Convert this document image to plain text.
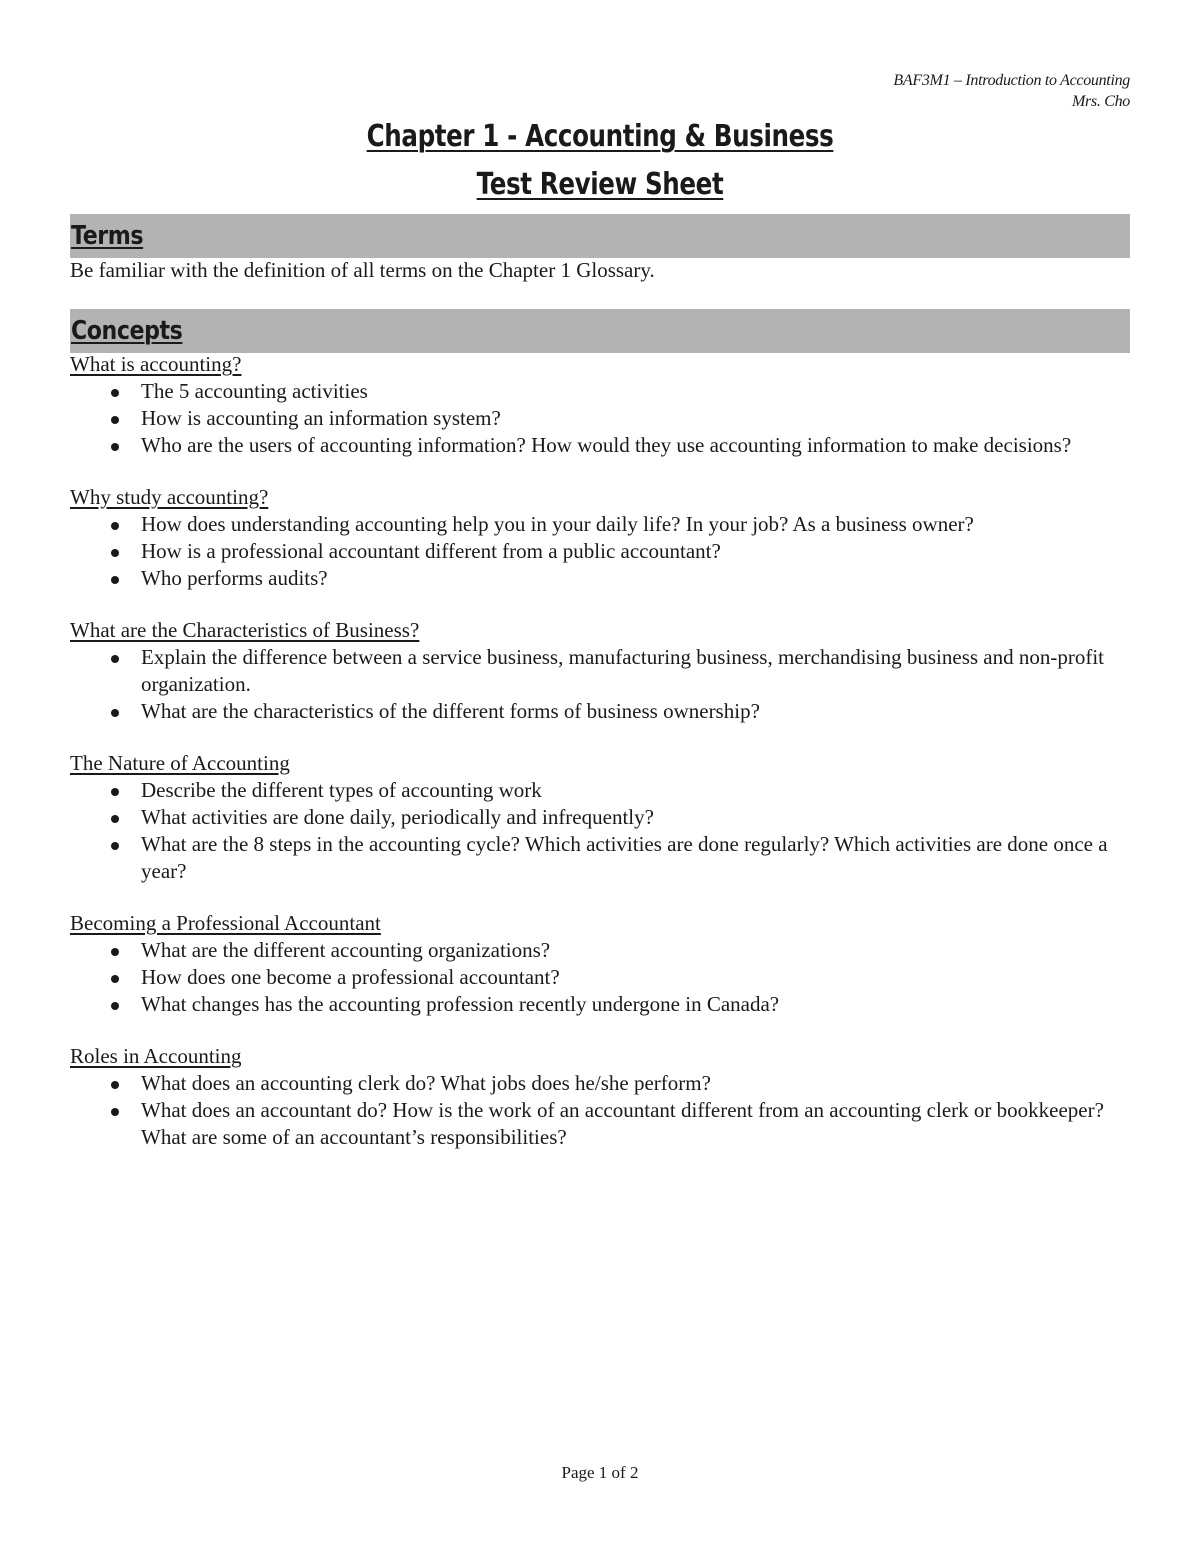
BAF3M1 – Introduction to Accounting
Mrs. Cho
Chapter 1 - Accounting & Business
Test Review Sheet
Terms
Be familiar with the definition of all terms on the Chapter 1 Glossary.
Concepts
What is accounting?
The 5 accounting activities
How is accounting an information system?
Who are the users of accounting information? How would they use accounting information to make decisions?
Why study accounting?
How does understanding accounting help you in your daily life? In your job? As a business owner?
How is a professional accountant different from a public accountant?
Who performs audits?
What are the Characteristics of Business?
Explain the difference between a service business, manufacturing business, merchandising business and non-profit organization.
What are the characteristics of the different forms of business ownership?
The Nature of Accounting
Describe the different types of accounting work
What activities are done daily, periodically and infrequently?
What are the 8 steps in the accounting cycle? Which activities are done regularly? Which activities are done once a year?
Becoming a Professional Accountant
What are the different accounting organizations?
How does one become a professional accountant?
What changes has the accounting profession recently undergone in Canada?
Roles in Accounting
What does an accounting clerk do? What jobs does he/she perform?
What does an accountant do? How is the work of an accountant different from an accounting clerk or bookkeeper? What are some of an accountant’s responsibilities?
Page 1 of 2
